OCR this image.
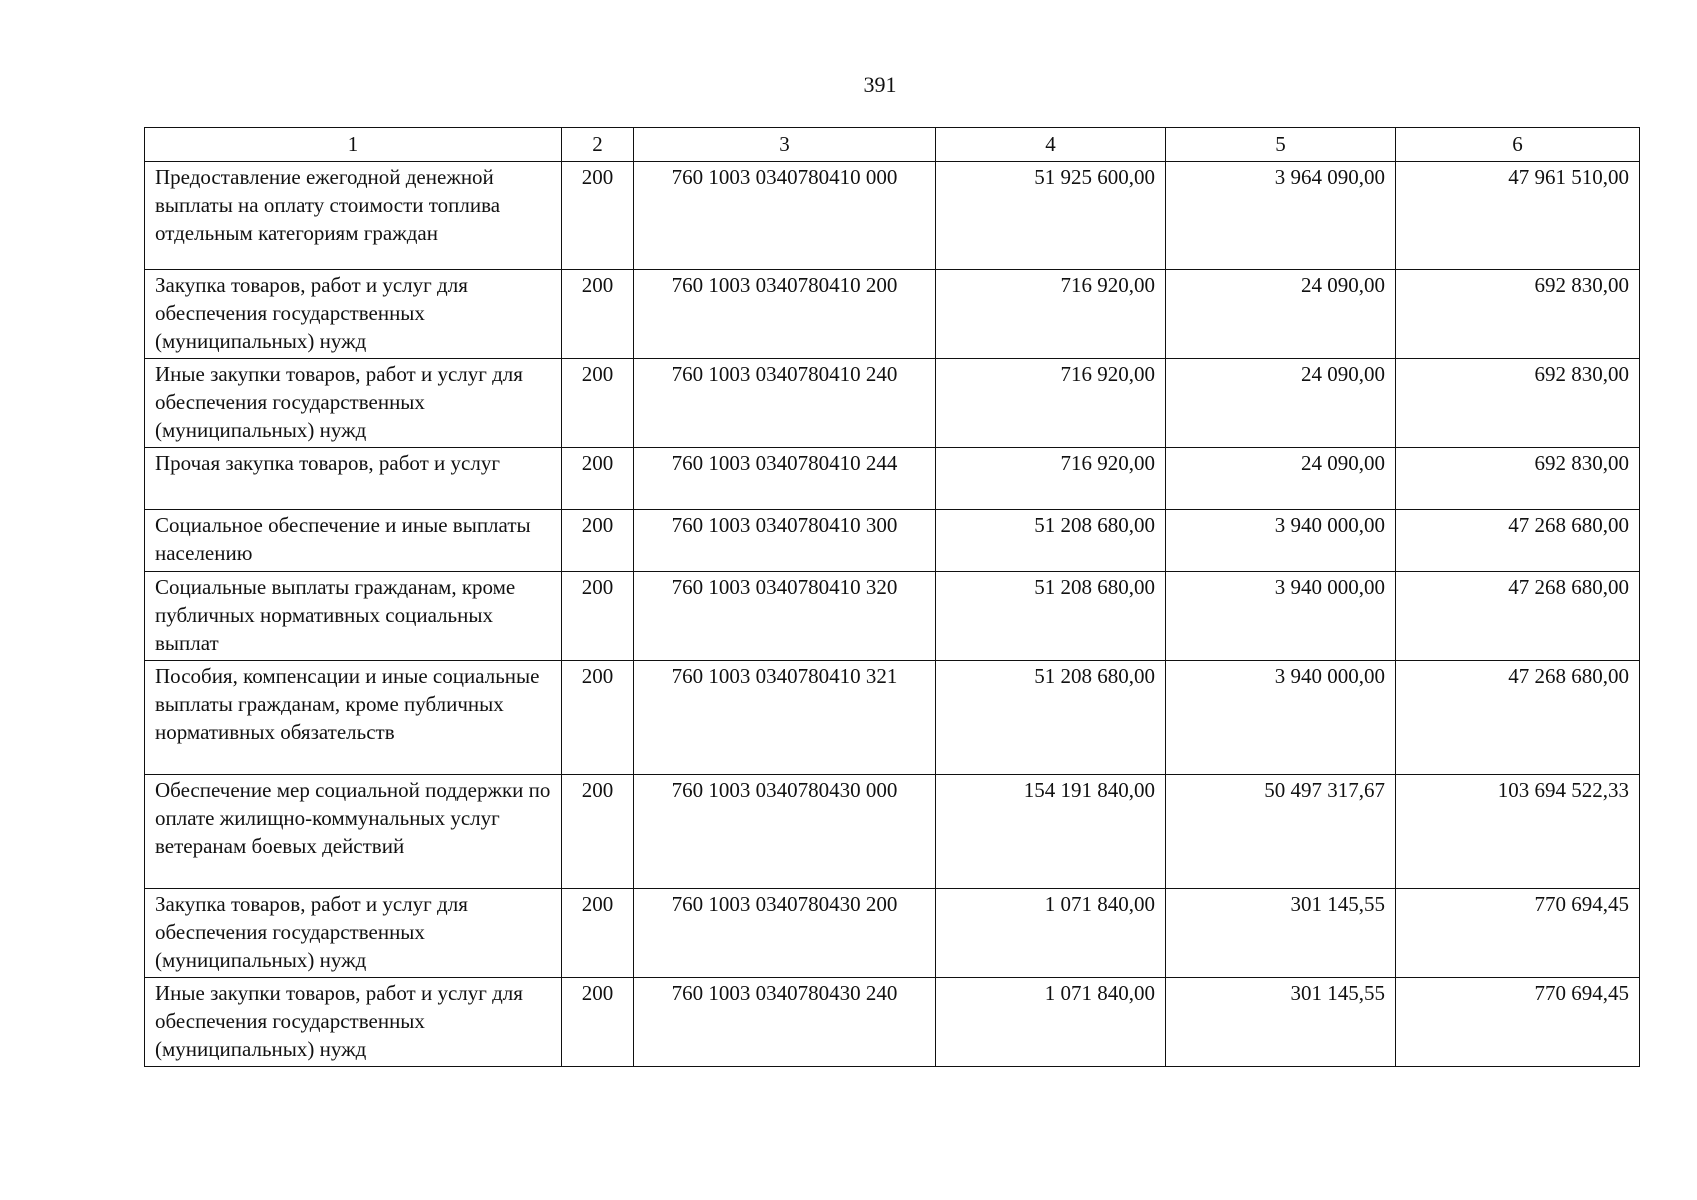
391
1	2	3	4	5	6
Предоставление ежегодной денежной выплаты на оплату стоимости топлива отдельным категориям граждан	200	760 1003 0340780410 000	51 925 600,00	3 964 090,00	47 961 510,00
Закупка товаров, работ и услуг для обеспечения государственных (муниципальных) нужд	200	760 1003 0340780410 200	716 920,00	24 090,00	692 830,00
Иные закупки товаров, работ и услуг для обеспечения государственных (муниципальных) нужд	200	760 1003 0340780410 240	716 920,00	24 090,00	692 830,00
Прочая закупка товаров, работ и услуг	200	760 1003 0340780410 244	716 920,00	24 090,00	692 830,00
Социальное обеспечение и иные выплаты населению	200	760 1003 0340780410 300	51 208 680,00	3 940 000,00	47 268 680,00
Социальные выплаты гражданам, кроме публичных нормативных социальных выплат	200	760 1003 0340780410 320	51 208 680,00	3 940 000,00	47 268 680,00
Пособия, компенсации и иные социальные выплаты гражданам, кроме публичных нормативных обязательств	200	760 1003 0340780410 321	51 208 680,00	3 940 000,00	47 268 680,00
Обеспечение мер социальной поддержки по оплате жилищно-коммунальных услуг ветеранам боевых действий	200	760 1003 0340780430 000	154 191 840,00	50 497 317,67	103 694 522,33
Закупка товаров, работ и услуг для обеспечения государственных (муниципальных) нужд	200	760 1003 0340780430 200	1 071 840,00	301 145,55	770 694,45
Иные закупки товаров, работ и услуг для обеспечения государственных (муниципальных) нужд	200	760 1003 0340780430 240	1 071 840,00	301 145,55	770 694,45
